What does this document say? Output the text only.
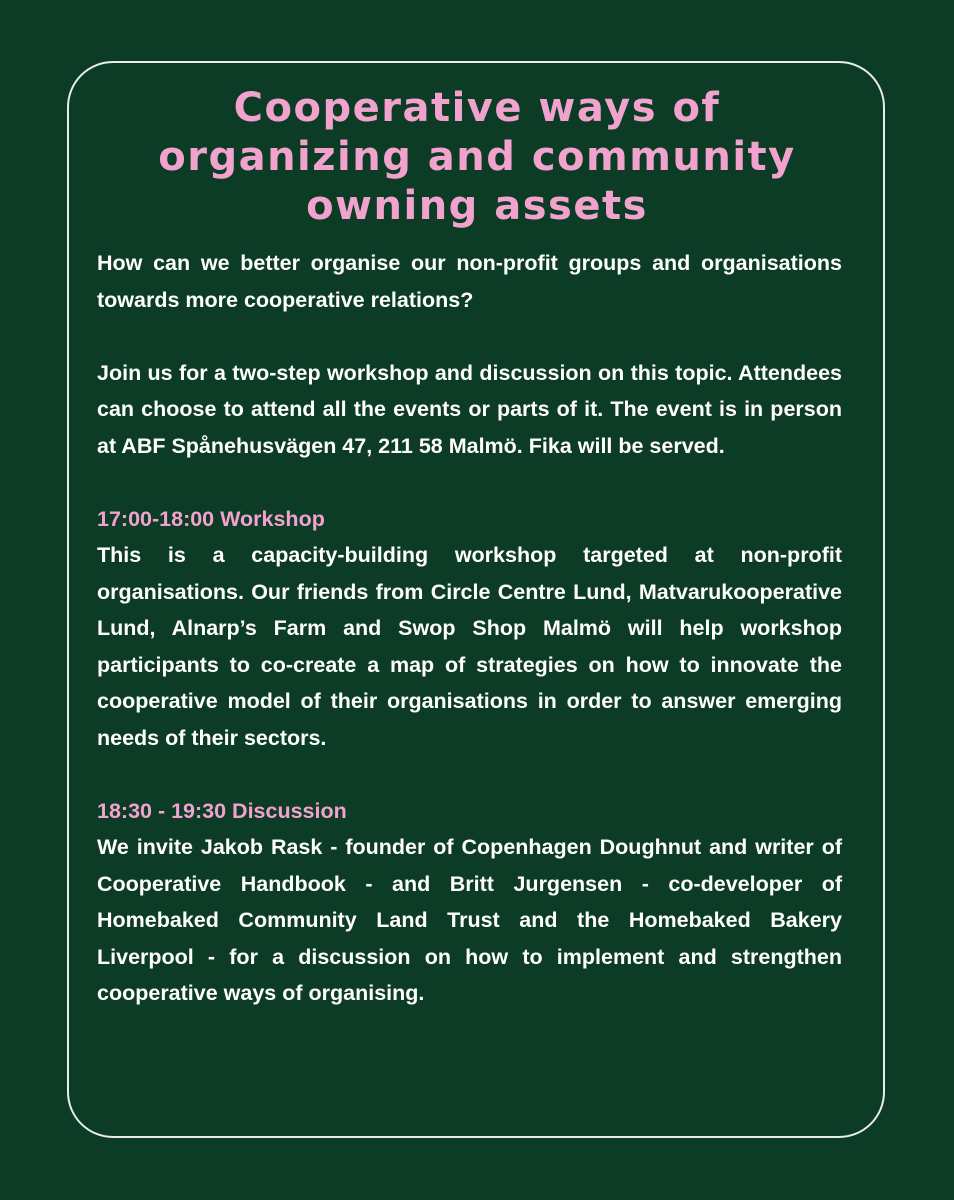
Cooperative ways of
organizing and community
owning assets

How can we better organise our non-profit groups and organisations towards more cooperative relations?

Join us for a two-step workshop and discussion on this topic. Attendees can choose to attend all the events or parts of it. The event is in person at ABF Spånehusvägen 47, 211 58 Malmö. Fika will be served.

17:00-18:00 Workshop
This is a capacity-building workshop targeted at non-profit organisations. Our friends from Circle Centre Lund, Matvarukooperative Lund, Alnarp’s Farm and Swop Shop Malmö will help workshop participants to co-create a map of strategies on how to innovate the cooperative model of their organisations in order to answer emerging needs of their sectors.

18:30 - 19:30 Discussion
We invite Jakob Rask - founder of Copenhagen Doughnut and writer of Cooperative Handbook - and Britt Jurgensen - co-developer of Homebaked Community Land Trust and the Homebaked Bakery Liverpool - for a discussion on how to implement and strengthen cooperative ways of organising.
